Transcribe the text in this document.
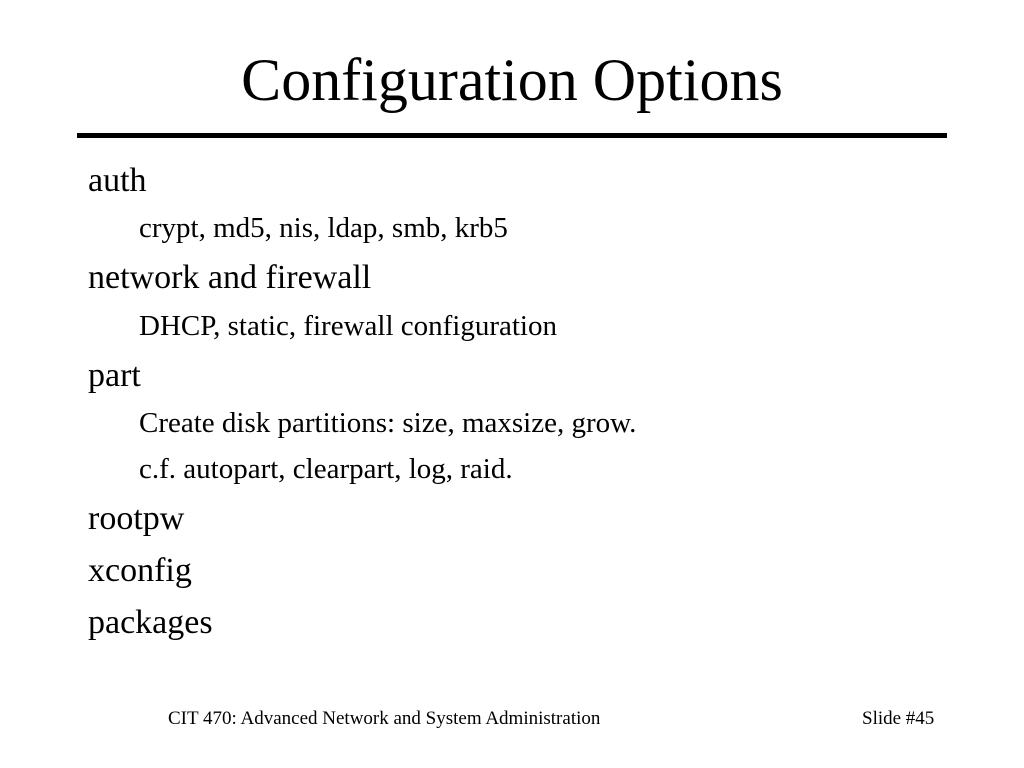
Configuration Options
auth
crypt, md5, nis, ldap, smb, krb5
network and firewall
DHCP, static, firewall configuration
part
Create disk partitions: size, maxsize, grow.
c.f. autopart, clearpart, log, raid.
rootpw
xconfig
packages
CIT 470: Advanced Network and System Administration	Slide #45
